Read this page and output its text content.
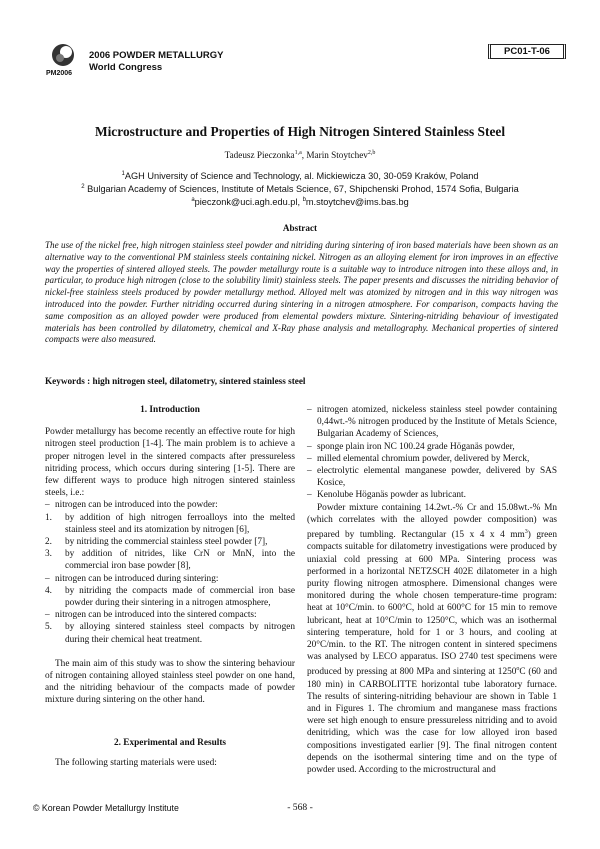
PM2006
2006 POWDER METALLURGY
World Congress
PC01-T-06
Microstructure and Properties of High Nitrogen Sintered Stainless Steel
Tadeusz Pieczonka$^{1,a}$, Marin Stoytchev$^{2,b}$
$^1$AGH University of Science and Technology, al. Mickiewicza 30, 30-059 Kraków, Poland
$^2$ Bulgarian Academy of Sciences, Institute of Metals Science, 67, Shipchenski Prohod, 1574 Sofia, Bulgaria
$^a$pieczonk@uci.agh.edu.pl, $^b$m.stoytchev@ims.bas.bg
Abstract
The use of the nickel free, high nitrogen stainless steel powder and nitriding during sintering of iron based materials have been shown as an alternative way to the conventional PM stainless steels containing nickel. Nitrogen as an alloying element for iron improves in an effective way the properties of sintered alloyed steels. The powder metallurgy route is a suitable way to introduce nitrogen into these alloys and, in particular, to produce high nitrogen (close to the solubility limit) stainless steels. The paper presents and discusses the nitriding behavior of nickel-free stainless steels produced by powder metallurgy method. Alloyed melt was atomized by nitrogen and in this way nitrogen was introduced into the powder. Further nitriding occurred during sintering in a nitrogen atmosphere. For comparison, compacts having the same composition as an alloyed powder were produced from elemental powders mixture. Sintering-nitriding behaviour of investigated materials has been controlled by dilatometry, chemical and X-Ray phase analysis and metallography. Mechanical properties of sintered compacts were also measured.
Keywords : high nitrogen steel, dilatometry, sintered stainless steel

1. Introduction

Powder metallurgy has become recently an effective route for high nitrogen steel production [1-4]. The main problem is to achieve a proper nitrogen level in the sintered compacts after pressureless nitriding process, which occurs during sintering [1-5]. There are few different ways to produce high nitrogen sintered stainless steels, i.e.:

– nitrogen can be introduced into the powder:
1.	by addition of high nitrogen ferroalloys into the melted stainless steel and its atomization by nitrogen [6],
2.	by nitriding the commercial stainless steel powder [7],
3.	by addition of nitrides, like CrN or MnN, into the commercial iron base powder [8],
– nitrogen can be introduced during sintering:
4.	by nitriding the compacts made of commercial iron base powder during their sintering in a nitrogen atmosphere,
– nitrogen can be introduced into the sintered compacts:
5.	by alloying sintered stainless steel compacts by nitrogen during their chemical heat treatment.

The main aim of this study was to show the sintering behaviour of nitrogen containing alloyed stainless steel powder on one hand, and the nitriding behaviour of the compacts made of powder mixture during sintering on the other hand.

2. Experimental and Results

The following starting materials were used:

– nitrogen atomized, nickeless stainless steel powder containing 0,44wt.-% nitrogen produced by the Institute of Metals Science, Bulgarian Academy of Sciences,
– sponge plain iron NC 100.24 grade Höganäs powder,
– milled elemental chromium powder, delivered by Merck,
– electrolytic elemental manganese powder, delivered by SAS Kosice,
– Kenolube Höganäs powder as lubricant.

Powder mixture containing 14.2wt.-% Cr and 15.08wt.-% Mn (which correlates with the alloyed powder composition) was prepared by tumbling. Rectangular (15 x 4 x 4 $mm^3$) green compacts suitable for dilatometry investigations were produced by uniaxial cold pressing at 600 MPa. Sintering process was performed in a horizontal NETZSCH 402E dilatometer in a high purity flowing nitrogen atmosphere. Dimensional changes were monitored during the whole chosen temperature-time program: heat at 10°C/min. to 600°C, hold at 600°C for 15 min to remove lubricant, heat at 10°C/min to 1250°C, which was an isothermal sintering temperature, hold for 1 or 3 hours, and cooling at 20°C/min. to the RT. The nitrogen content in sintered specimens was analysed by LECO apparatus. ISO 2740 test specimens were produced by pressing at 800 MPa and sintering at 1250$^o$C (60 and 180 min) in CARBOLITTE horizontal tube laboratory furnace. The results of sintering-nitriding behaviour are shown in Table 1 and in Figures 1. The chromium and manganese mass fractions were set high enough to ensure pressureless nitriding and to avoid denitriding, which was the case for low alloyed iron based compositions investigated earlier [9]. The final nitrogen content depends on the isothermal sintering time and on the type of powder used. According to the microstructural and

© Korean Powder Metallurgy Institute	- 568 -
